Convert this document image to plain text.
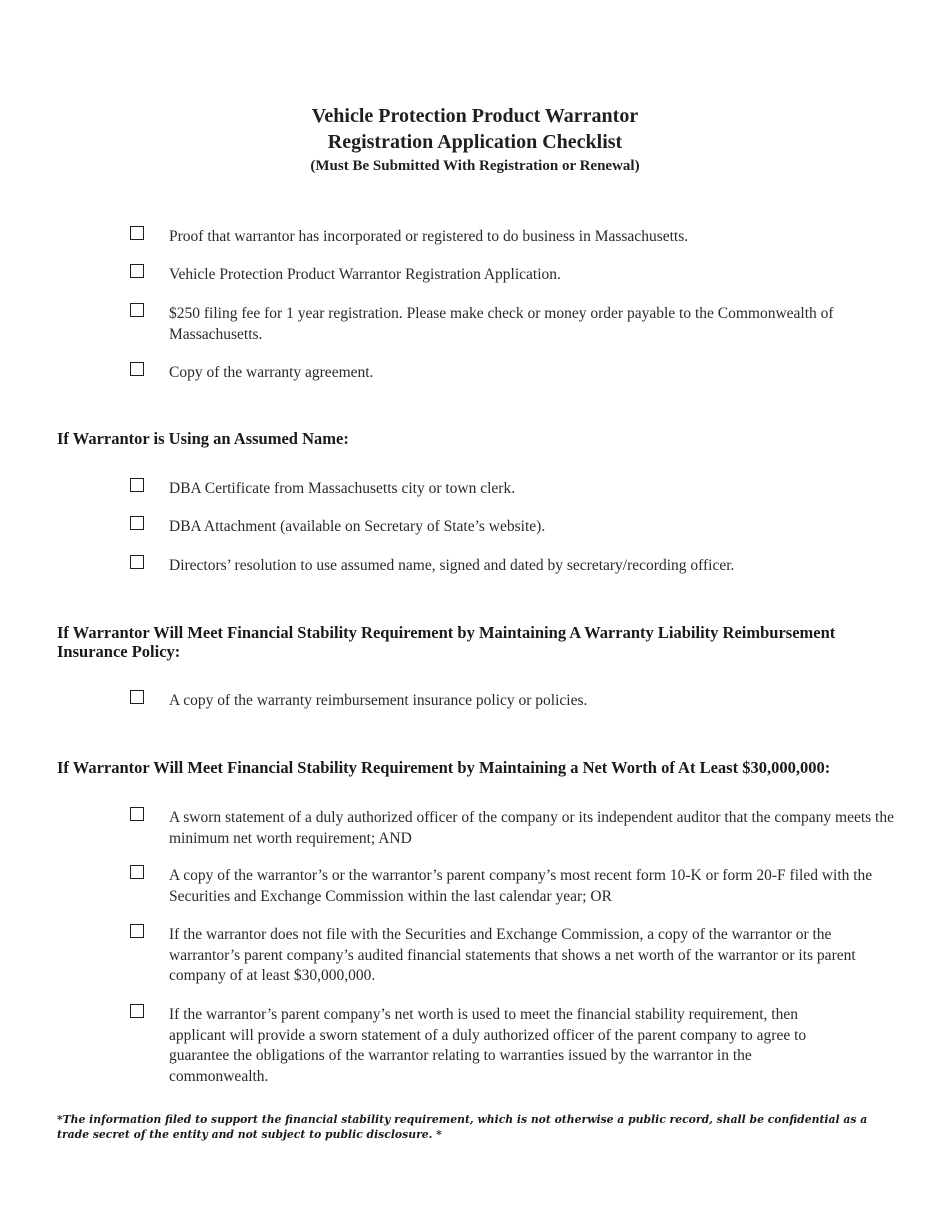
Vehicle Protection Product Warrantor
Registration Application Checklist
(Must Be Submitted With Registration or Renewal)
Proof that warrantor has incorporated or registered to do business in Massachusetts.
Vehicle Protection Product Warrantor Registration Application.
$250 filing fee for 1 year registration. Please make check or money order payable to the Commonwealth of Massachusetts.
Copy of the warranty agreement.
If Warrantor is Using an Assumed Name:
DBA Certificate from Massachusetts city or town clerk.
DBA Attachment (available on Secretary of State’s website).
Directors’ resolution to use assumed name, signed and dated by secretary/recording officer.
If Warrantor Will Meet Financial Stability Requirement by Maintaining A Warranty Liability Reimbursement Insurance Policy:
A copy of the warranty reimbursement insurance policy or policies.
If Warrantor Will Meet Financial Stability Requirement by Maintaining a Net Worth of At Least $30,000,000:
A sworn statement of a duly authorized officer of the company or its independent auditor that the company meets the minimum net worth requirement; AND
A copy of the warrantor’s or the warrantor’s parent company’s most recent form 10-K or form 20-F filed with the Securities and Exchange Commission within the last calendar year; OR
If the warrantor does not file with the Securities and Exchange Commission, a copy of the warrantor or the warrantor’s parent company’s audited financial statements that shows a net worth of the warrantor or its parent company of at least $30,000,000.
If the warrantor’s parent company’s net worth is used to meet the financial stability requirement, then applicant will provide a sworn statement of a duly authorized officer of the parent company to agree to guarantee the obligations of the warrantor relating to warranties issued by the warrantor in the commonwealth.
*The information filed to support the financial stability requirement, which is not otherwise a public record, shall be confidential as a trade secret of the entity and not subject to public disclosure. *
